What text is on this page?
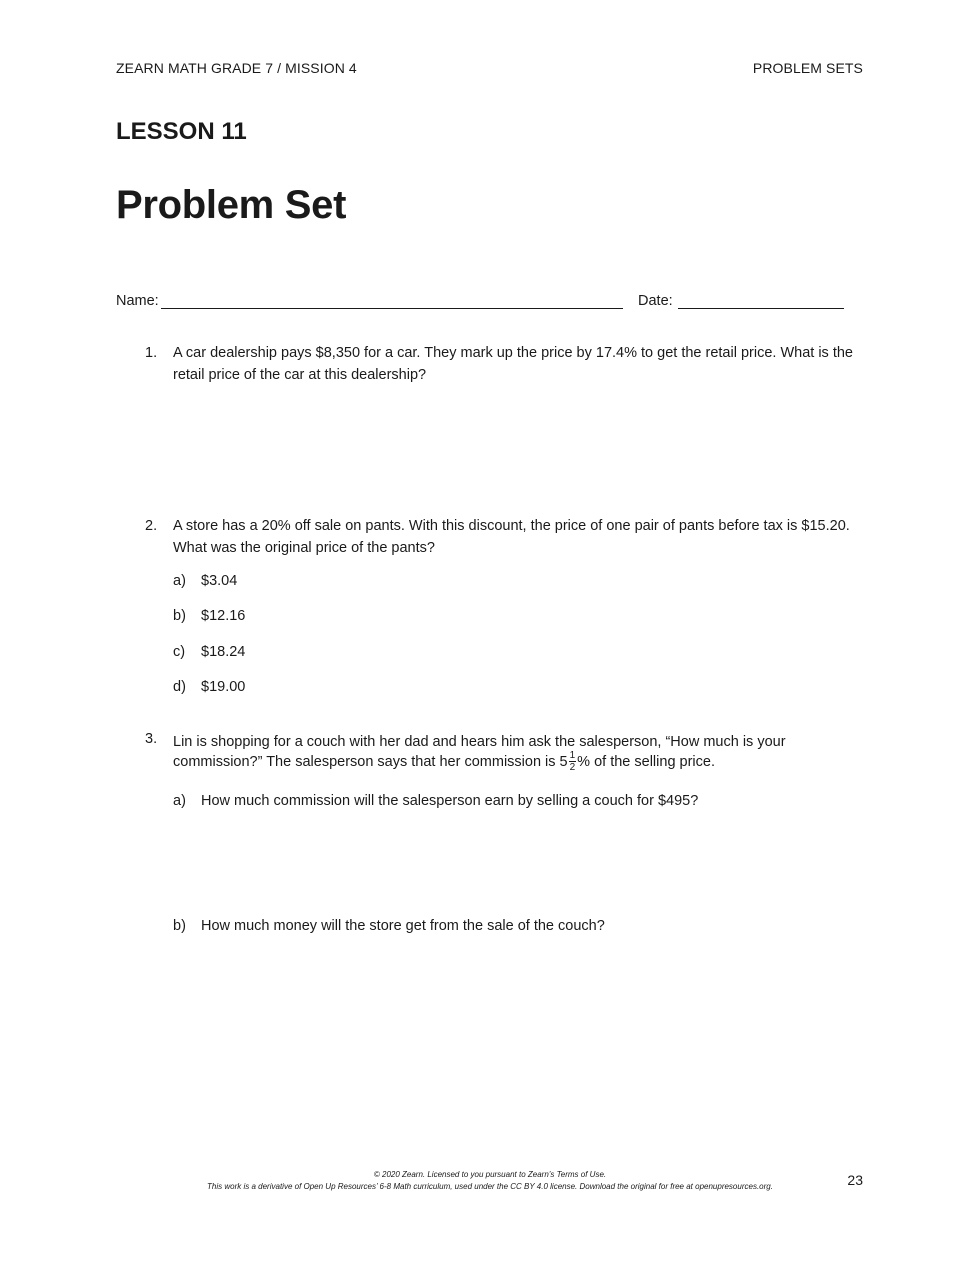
ZEARN MATH GRADE 7 / MISSION 4	PROBLEM SETS
LESSON 11
Problem Set
Name:	Date:
1. A car dealership pays $8,350 for a car. They mark up the price by 17.4% to get the retail price. What is the retail price of the car at this dealership?
2. A store has a 20% off sale on pants. With this discount, the price of one pair of pants before tax is $15.20. What was the original price of the pants?
a) $3.04
b) $12.16
c) $18.24
d) $19.00
3. Lin is shopping for a couch with her dad and hears him ask the salesperson, “How much is your
commission?” The salesperson says that her commission is $5 \frac{1}{2}$ % of the selling price.
a) How much commission will the salesperson earn by selling a couch for $495?
b) How much money will the store get from the sale of the couch?
© 2020 Zearn. Licensed to you pursuant to Zearn’s Terms of Use.
This work is a derivative of Open Up Resources’ 6-8 Math curriculum, used under the CC BY 4.0 license. Download the original for free at openupresources.org.	23
